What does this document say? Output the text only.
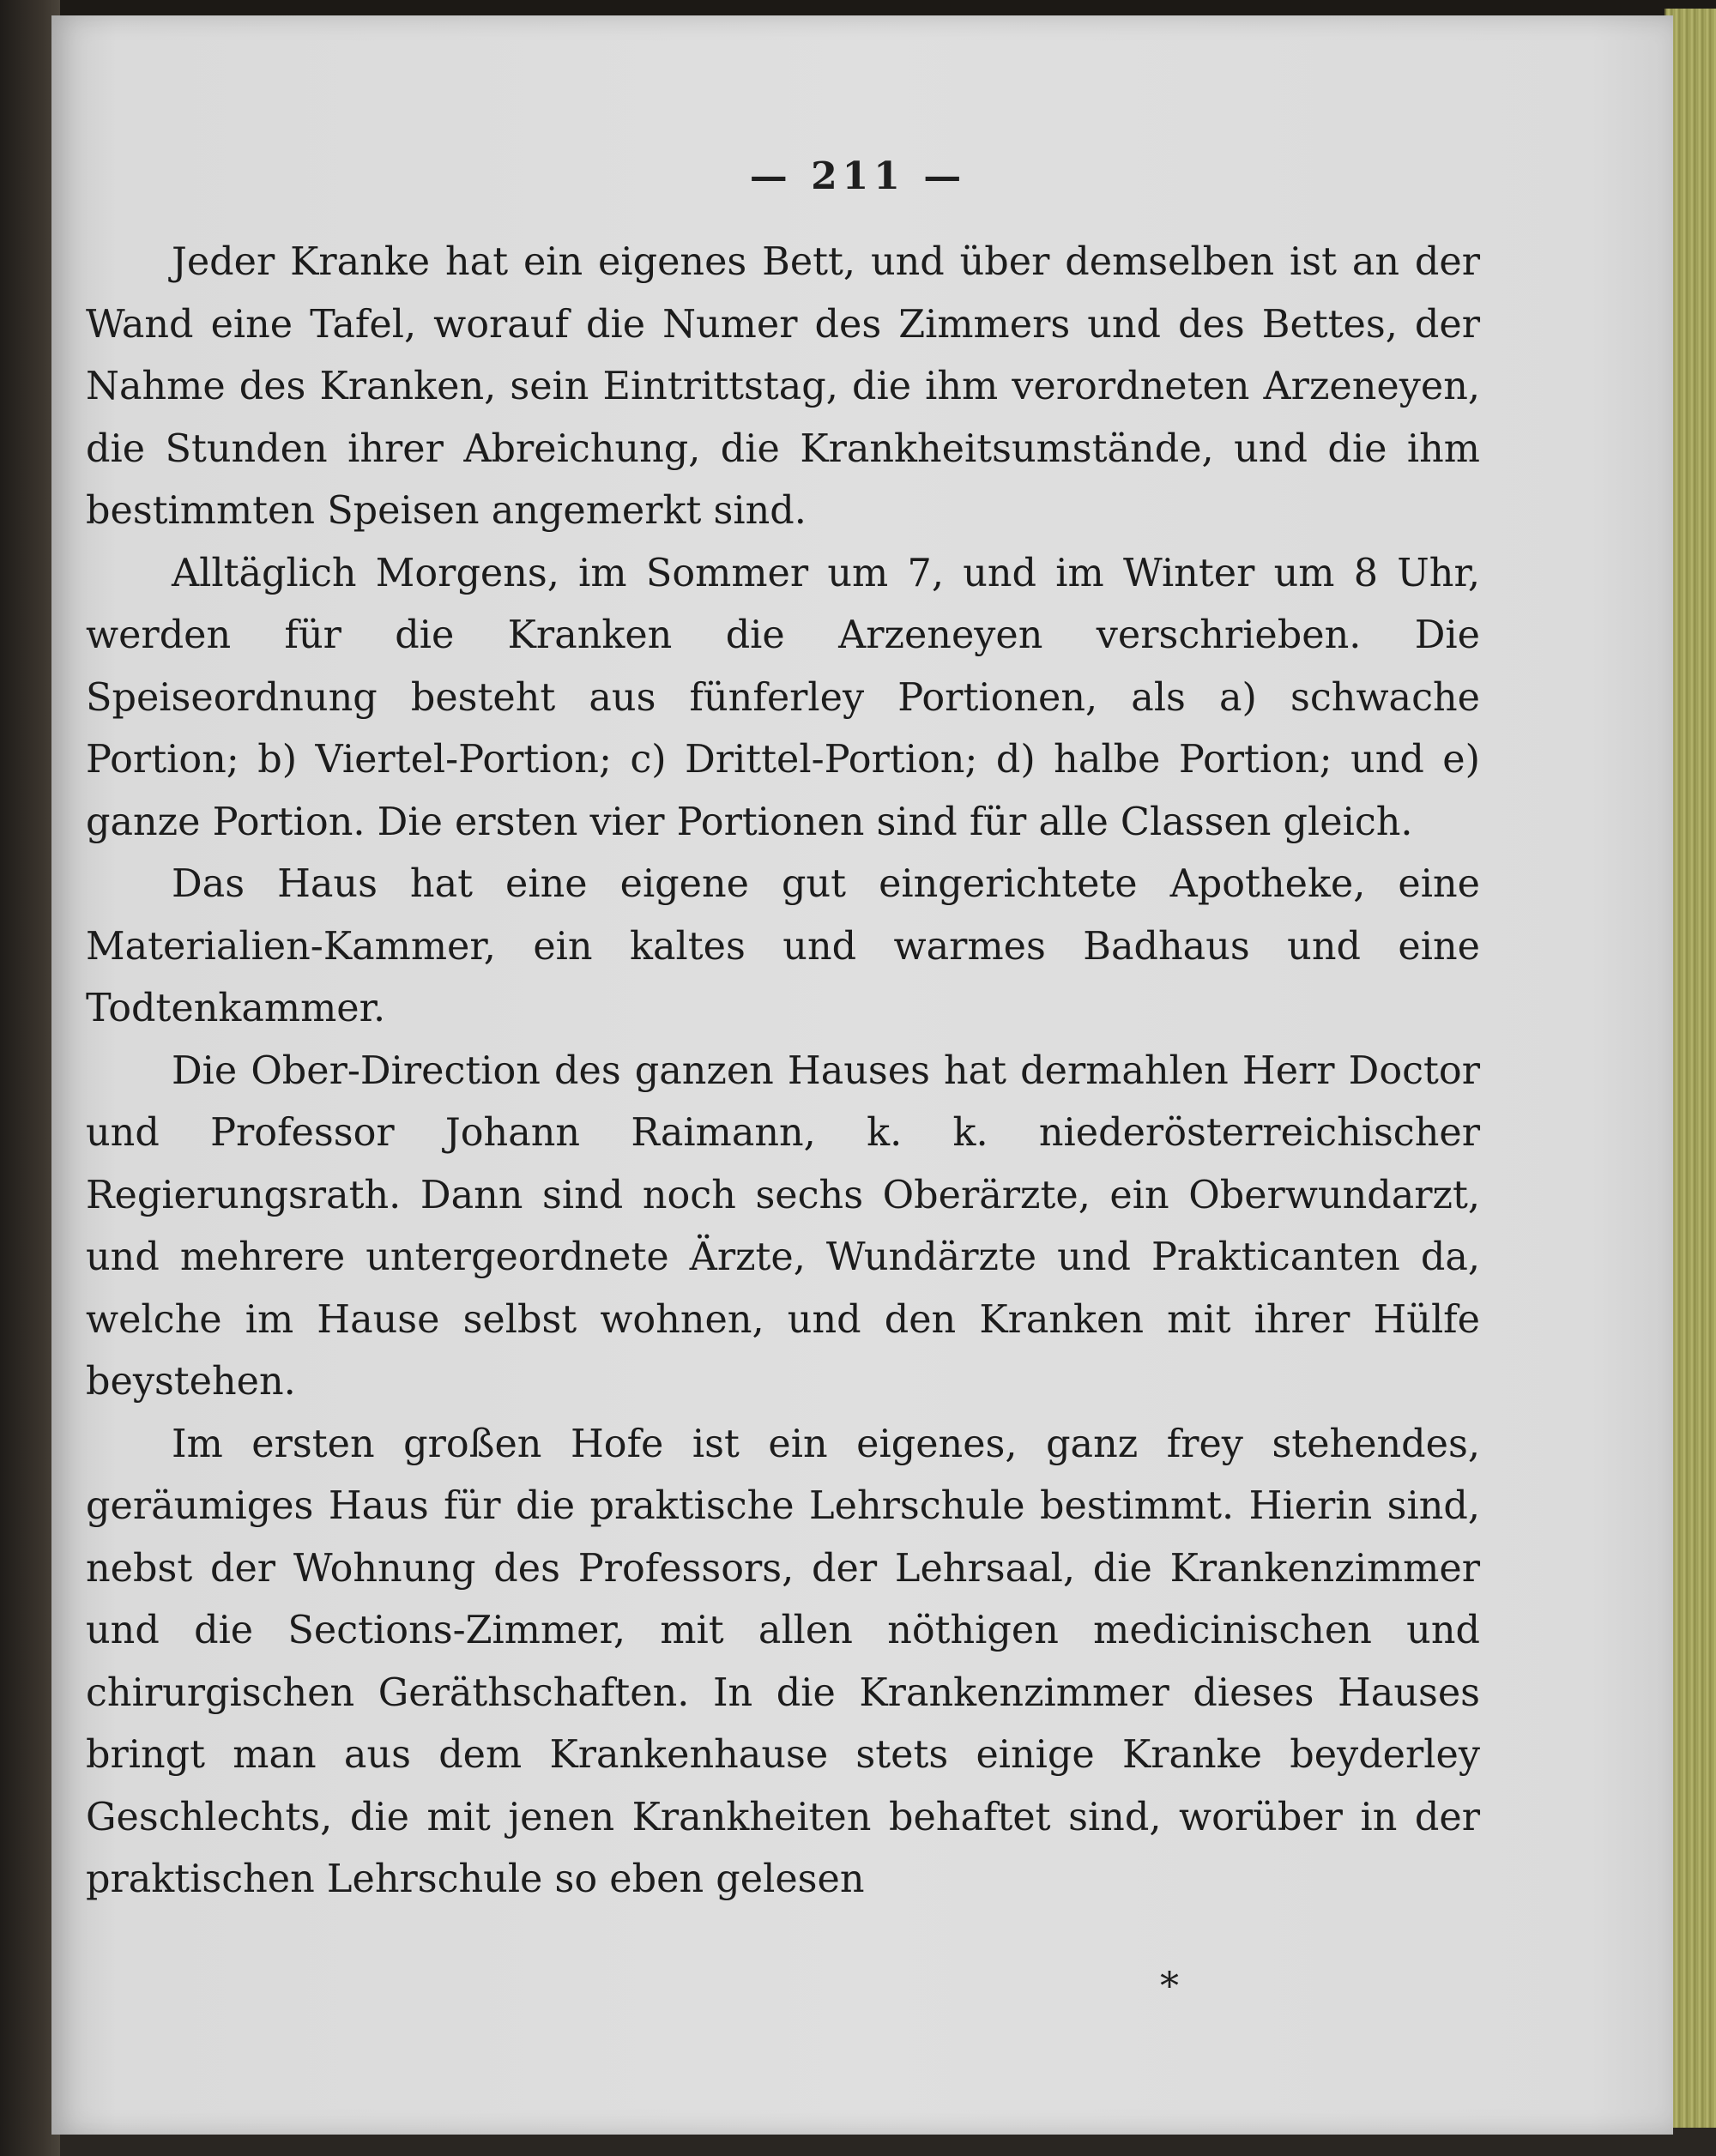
— 211 —

Jeder Kranke hat ein eigenes Bett, und über demselben ist an der Wand eine Tafel, worauf die Numer des Zimmers und des Bettes, der Nahme des Kranken, sein Eintrittstag, die ihm verordneten Arzeneyen, die Stunden ihrer Abreichung, die Krankheitsumstände, und die ihm bestimmten Speisen angemerkt sind.

Alltäglich Morgens, im Sommer um 7, und im Winter um 8 Uhr, werden für die Kranken die Arzeneyen verschrieben. Die Speiseordnung besteht aus fünferley Portionen, als a) schwache Portion; b) Viertel-Portion; c) Drittel-Portion; d) halbe Portion; und e) ganze Portion. Die ersten vier Portionen sind für alle Classen gleich.

Das Haus hat eine eigene gut eingerichtete Apotheke, eine Materialien-Kammer, ein kaltes und warmes Badhaus und eine Todtenkammer.

Die Ober-Direction des ganzen Hauses hat dermahlen Herr Doctor und Professor Johann Raimann, k. k. niederösterreichischer Regierungsrath. Dann sind noch sechs Oberärzte, ein Oberwundarzt, und mehrere untergeordnete Ärzte, Wundärzte und Prakticanten da, welche im Hause selbst wohnen, und den Kranken mit ihrer Hülfe beystehen.

Im ersten großen Hofe ist ein eigenes, ganz frey stehendes, geräumiges Haus für die praktische Lehrschule bestimmt. Hierin sind, nebst der Wohnung des Professors, der Lehrsaal, die Krankenzimmer und die Sections-Zimmer, mit allen nöthigen medicinischen und chirurgischen Geräthschaften. In die Krankenzimmer dieses Hauses bringt man aus dem Krankenhause stets einige Kranke beyderley Geschlechts, die mit jenen Krankheiten behaftet sind, worüber in der praktischen Lehrschule so eben gelesen

*
